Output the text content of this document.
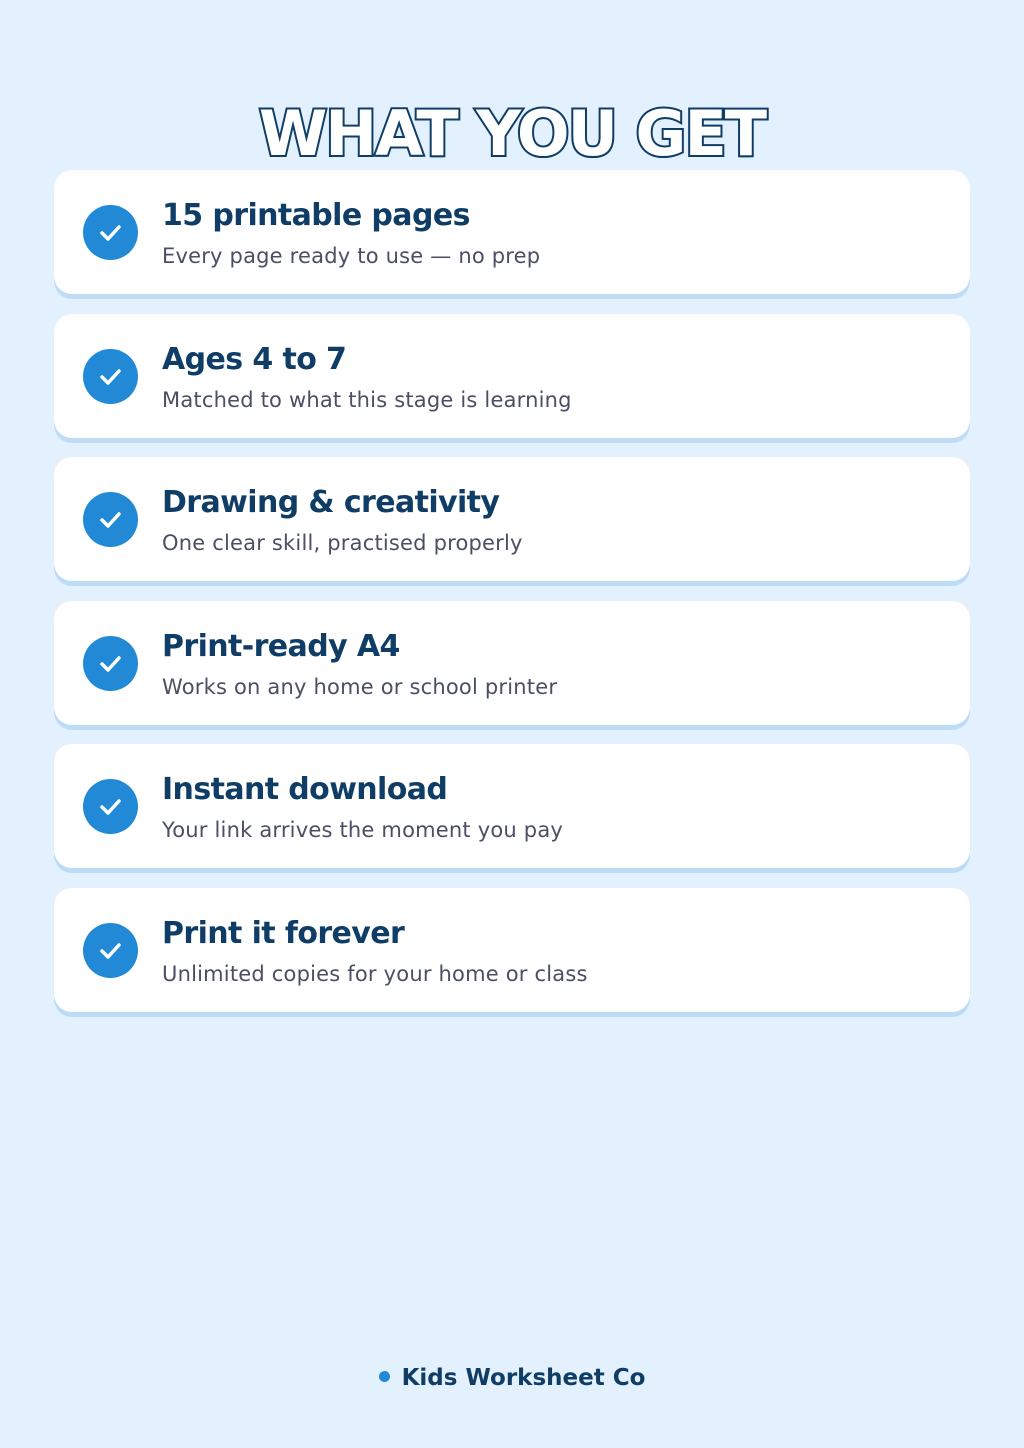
WHAT YOU GET
15 printable pages
Every page ready to use — no prep
Ages 4 to 7
Matched to what this stage is learning
Drawing & creativity
One clear skill, practised properly
Print-ready A4
Works on any home or school printer
Instant download
Your link arrives the moment you pay
Print it forever
Unlimited copies for your home or class
Kids Worksheet Co
